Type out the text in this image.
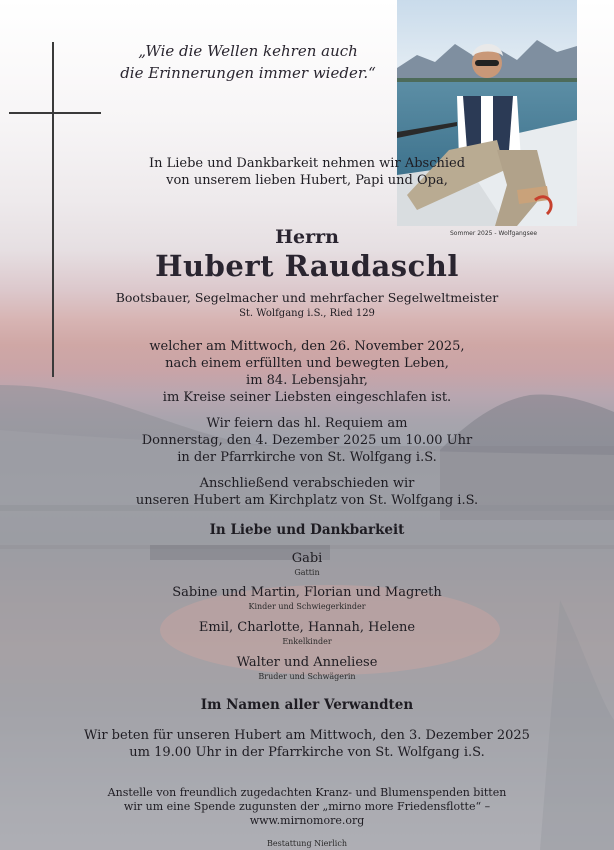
„Wie die Wellen kehren auch
die Erinnerungen immer wieder.“
Sommer 2025 - Wolfgangsee
In Liebe und Dankbarkeit nehmen wir Abschied
von unserem lieben Hubert, Papi und Opa,
Herrn
Hubert Raudaschl
Bootsbauer, Segelmacher und mehrfacher Segelweltmeister
St. Wolfgang i.S., Ried 129
welcher am Mittwoch, den 26. November 2025,
nach einem erfüllten und bewegten Leben,
im 84. Lebensjahr,
im Kreise seiner Liebsten eingeschlafen ist.
Wir feiern das hl. Requiem am
Donnerstag, den 4. Dezember 2025 um 10.00 Uhr
in der Pfarrkirche von St. Wolfgang i.S.
Anschließend verabschieden wir
unseren Hubert am Kirchplatz von St. Wolfgang i.S.
In Liebe und Dankbarkeit
Gabi
Gattin
Sabine und Martin, Florian und Magreth
Kinder und Schwiegerkinder
Emil, Charlotte, Hannah, Helene
Enkelkinder
Walter und Anneliese
Bruder und Schwägerin
Im Namen aller Verwandten
Wir beten für unseren Hubert am Mittwoch, den 3. Dezember 2025
um 19.00 Uhr in der Pfarrkirche von St. Wolfgang i.S.
Anstelle von freundlich zugedachten Kranz- und Blumenspenden bitten
wir um eine Spende zugunsten der „mirno more Friedensflotte“ –
www.mirnomore.org
Bestattung Nierlich
